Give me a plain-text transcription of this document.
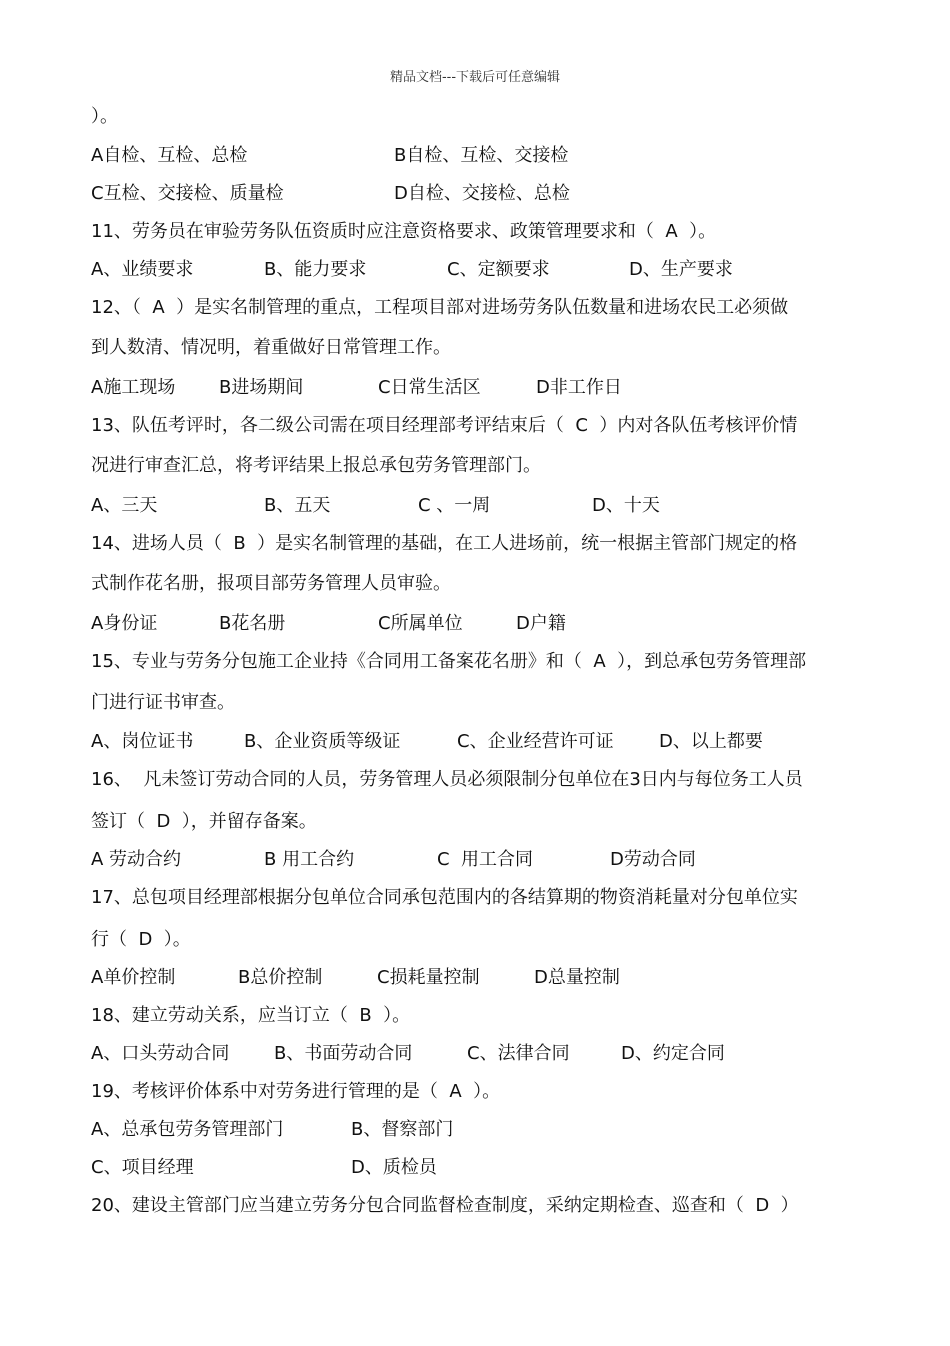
精品文档---下载后可任意编辑
）。
A自检、互检、总检	B自检、互检、交接检
C互检、交接检、质量检	D自检、交接检、总检
11、劳务员在审验劳务队伍资质时应注意资格要求、政策管理要求和（  A  ）。
A、业绩要求	B、能力要求	C、定额要求	D、生产要求
12、（  A  ）是实名制管理的重点，工程项目部对进场劳务队伍数量和进场农民工必须做
到人数清、情况明，着重做好日常管理工作。
A施工现场 B进场期间	C日常生活区	D非工作日
13、队伍考评时，各二级公司需在项目经理部考评结束后（  C  ）内对各队伍考核评价情
况进行审查汇总，将考评结果上报总承包劳务管理部门。
A、三天	B、五天	C 、一周	D、十天
14、进场人员（  B  ）是实名制管理的基础，在工人进场前，统一根据主管部门规定的格
式制作花名册，报项目部劳务管理人员审验。
A身份证	B花名册	C所属单位	D户籍
15、专业与劳务分包施工企业持《合同用工备案花名册》和（  A  ），到总承包劳务管理部
门进行证书审查。
A、岗位证书	B、企业资质等级证	C、企业经营许可证	D、以上都要
16、  凡未签订劳动合同的人员，劳务管理人员必须限制分包单位在3日内与每位务工人员
签订（  D  ），并留存备案。
A 劳动合约	B 用工合约	C  用工合同	D劳动合同
17、总包项目经理部根据分包单位合同承包范围内的各结算期的物资消耗量对分包单位实
行（  D  ）。
A单价控制	B总价控制	C损耗量控制	D总量控制
18、建立劳动关系，应当订立（  B  ）。
A、口头劳动合同 B、书面劳动合同	C、法律合同	D、约定合同
19、考核评价体系中对劳务进行管理的是（  A  ）。
A、总承包劳务管理部门	B、督察部门
C、项目经理	D、质检员
20、建设主管部门应当建立劳务分包合同监督检查制度，采纳定期检查、巡查和（  D  ）
